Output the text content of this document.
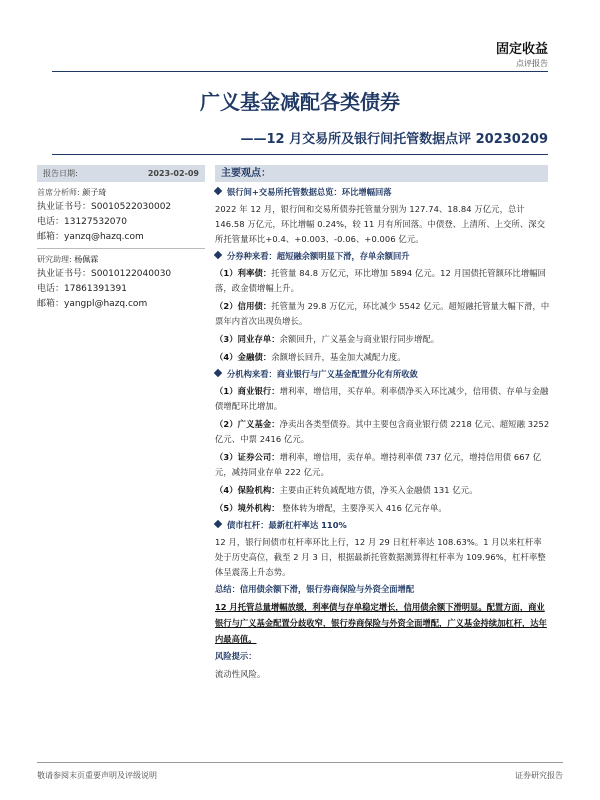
固定收益
点评报告
广义基金减配各类债券
——12 月交易所及银行间托管数据点评 20230209
报告日期:	2023-02-09
首席分析师: 颜子琦
执业证书号：S0010522030002
电话：13127532070
邮箱：yanzq@hazq.com
研究助理: 杨佩霖
执业证书号：S0010122040030
电话：17861391391
邮箱：yangpl@hazq.com
主要观点：
银行间+交易所托管数据总览：环比增幅回落
2022 年 12 月，银行间和交易所债券托管量分别为 127.74、18.84 万亿元，总计 146.58 万亿元，环比增幅 0.24%，较 11 月有所回落。中债登、上清所、上交所、深交所托管量环比+0.4、+0.003、-0.06、+0.006 亿元。
分券种来看：超短融余额明显下滑，存单余额回升
（1）利率债：托管量 84.8 万亿元，环比增加 5894 亿元。12 月国债托管额环比增幅回落，政金债增幅上升。
（2）信用债：托管量为 29.8 万亿元，环比减少 5542 亿元。超短融托管量大幅下滑，中票年内首次出现负增长。
（3）同业存单：余额回升，广义基金与商业银行同步增配。
（4）金融债：余额增长回升，基金加大减配力度。
分机构来看：商业银行与广义基金配置分化有所收敛
（1）商业银行：增利率，增信用，买存单。利率债净买入环比减少，信用债、存单与金融债增配环比增加。
（2）广义基金：净卖出各类型债券。其中主要包含商业银行债 2218 亿元、超短融 3252 亿元、中票 2416 亿元。
（3）证券公司：增利率，增信用，卖存单。增持利率债 737 亿元，增持信用债 667 亿元，减持同业存单 222 亿元。
（4）保险机构：主要由正转负减配地方债，净买入金融债 131 亿元。
（5）境外机构： 整体转为增配，主要净买入 416 亿元存单。
债市杠杆：最新杠杆率达 110%
12 月，银行间债市杠杆率环比上行，12 月 29 日杠杆率达 108.63%。1 月以来杠杆率处于历史高位，截至 2 月 3 日，根据最新托管数据测算得杠杆率为 109.96%，杠杆率整体呈震荡上升态势。
总结：信用债余额下滑，银行券商保险与外资全面增配
12 月托管总量增幅放缓，利率债与存单稳定增长，信用债余额下滑明显。配置方面，商业银行与广义基金配置分歧收窄，银行券商保险与外资全面增配，广义基金持续加杠杆，达年内最高值。
风险提示：
流动性风险。
敬请参阅末页重要声明及评级说明	证券研究报告
